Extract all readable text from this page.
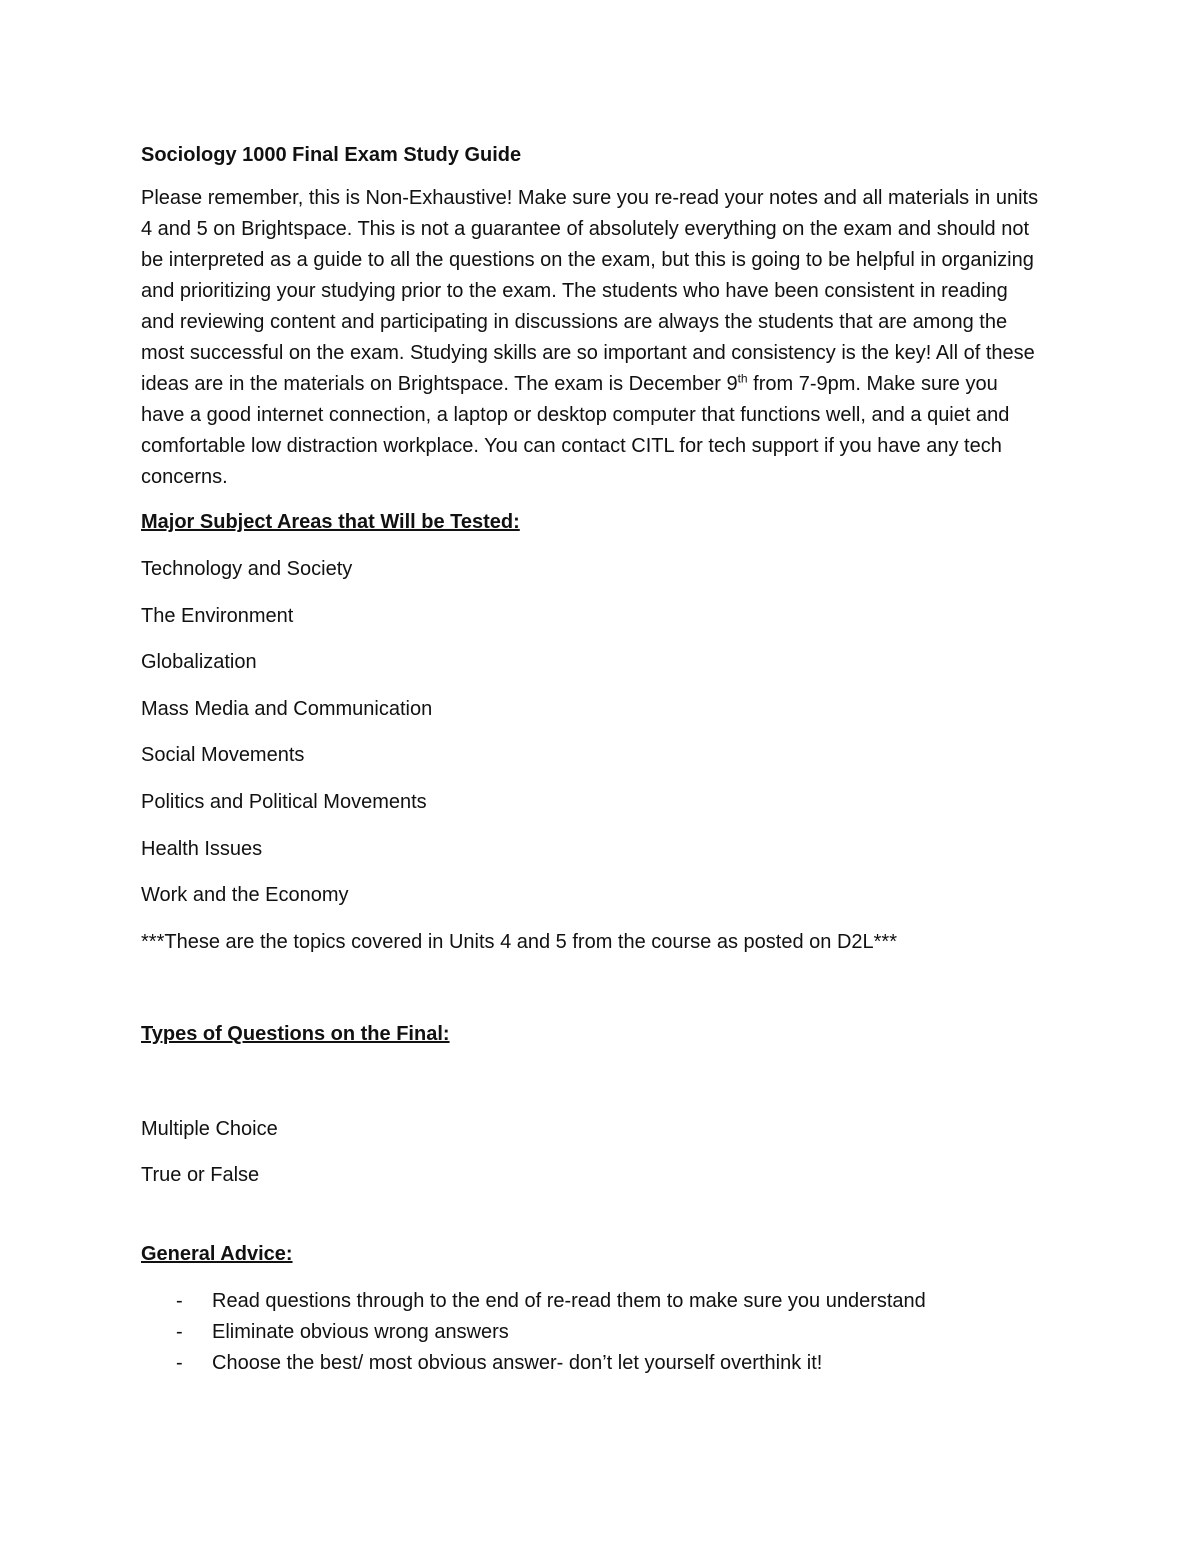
Sociology 1000 Final Exam Study Guide

Please remember, this is Non-Exhaustive! Make sure you re-read your notes and all materials in units 4 and 5 on Brightspace. This is not a guarantee of absolutely everything on the exam and should not be interpreted as a guide to all the questions on the exam, but this is going to be helpful in organizing and prioritizing your studying prior to the exam. The students who have been consistent in reading and reviewing content and participating in discussions are always the students that are among the most successful on the exam. Studying skills are so important and consistency is the key! All of these ideas are in the materials on Brightspace. The exam is December 9th from 7-9pm. Make sure you have a good internet connection, a laptop or desktop computer that functions well, and a quiet and comfortable low distraction workplace. You can contact CITL for tech support if you have any tech concerns.

Major Subject Areas that Will be Tested:

Technology and Society
The Environment
Globalization
Mass Media and Communication
Social Movements
Politics and Political Movements
Health Issues
Work and the Economy

***These are the topics covered in Units 4 and 5 from the course as posted on D2L***

Types of Questions on the Final:

Multiple Choice
True or False

General Advice:

- Read questions through to the end of re-read them to make sure you understand
- Eliminate obvious wrong answers
- Choose the best/ most obvious answer- don’t let yourself overthink it!
